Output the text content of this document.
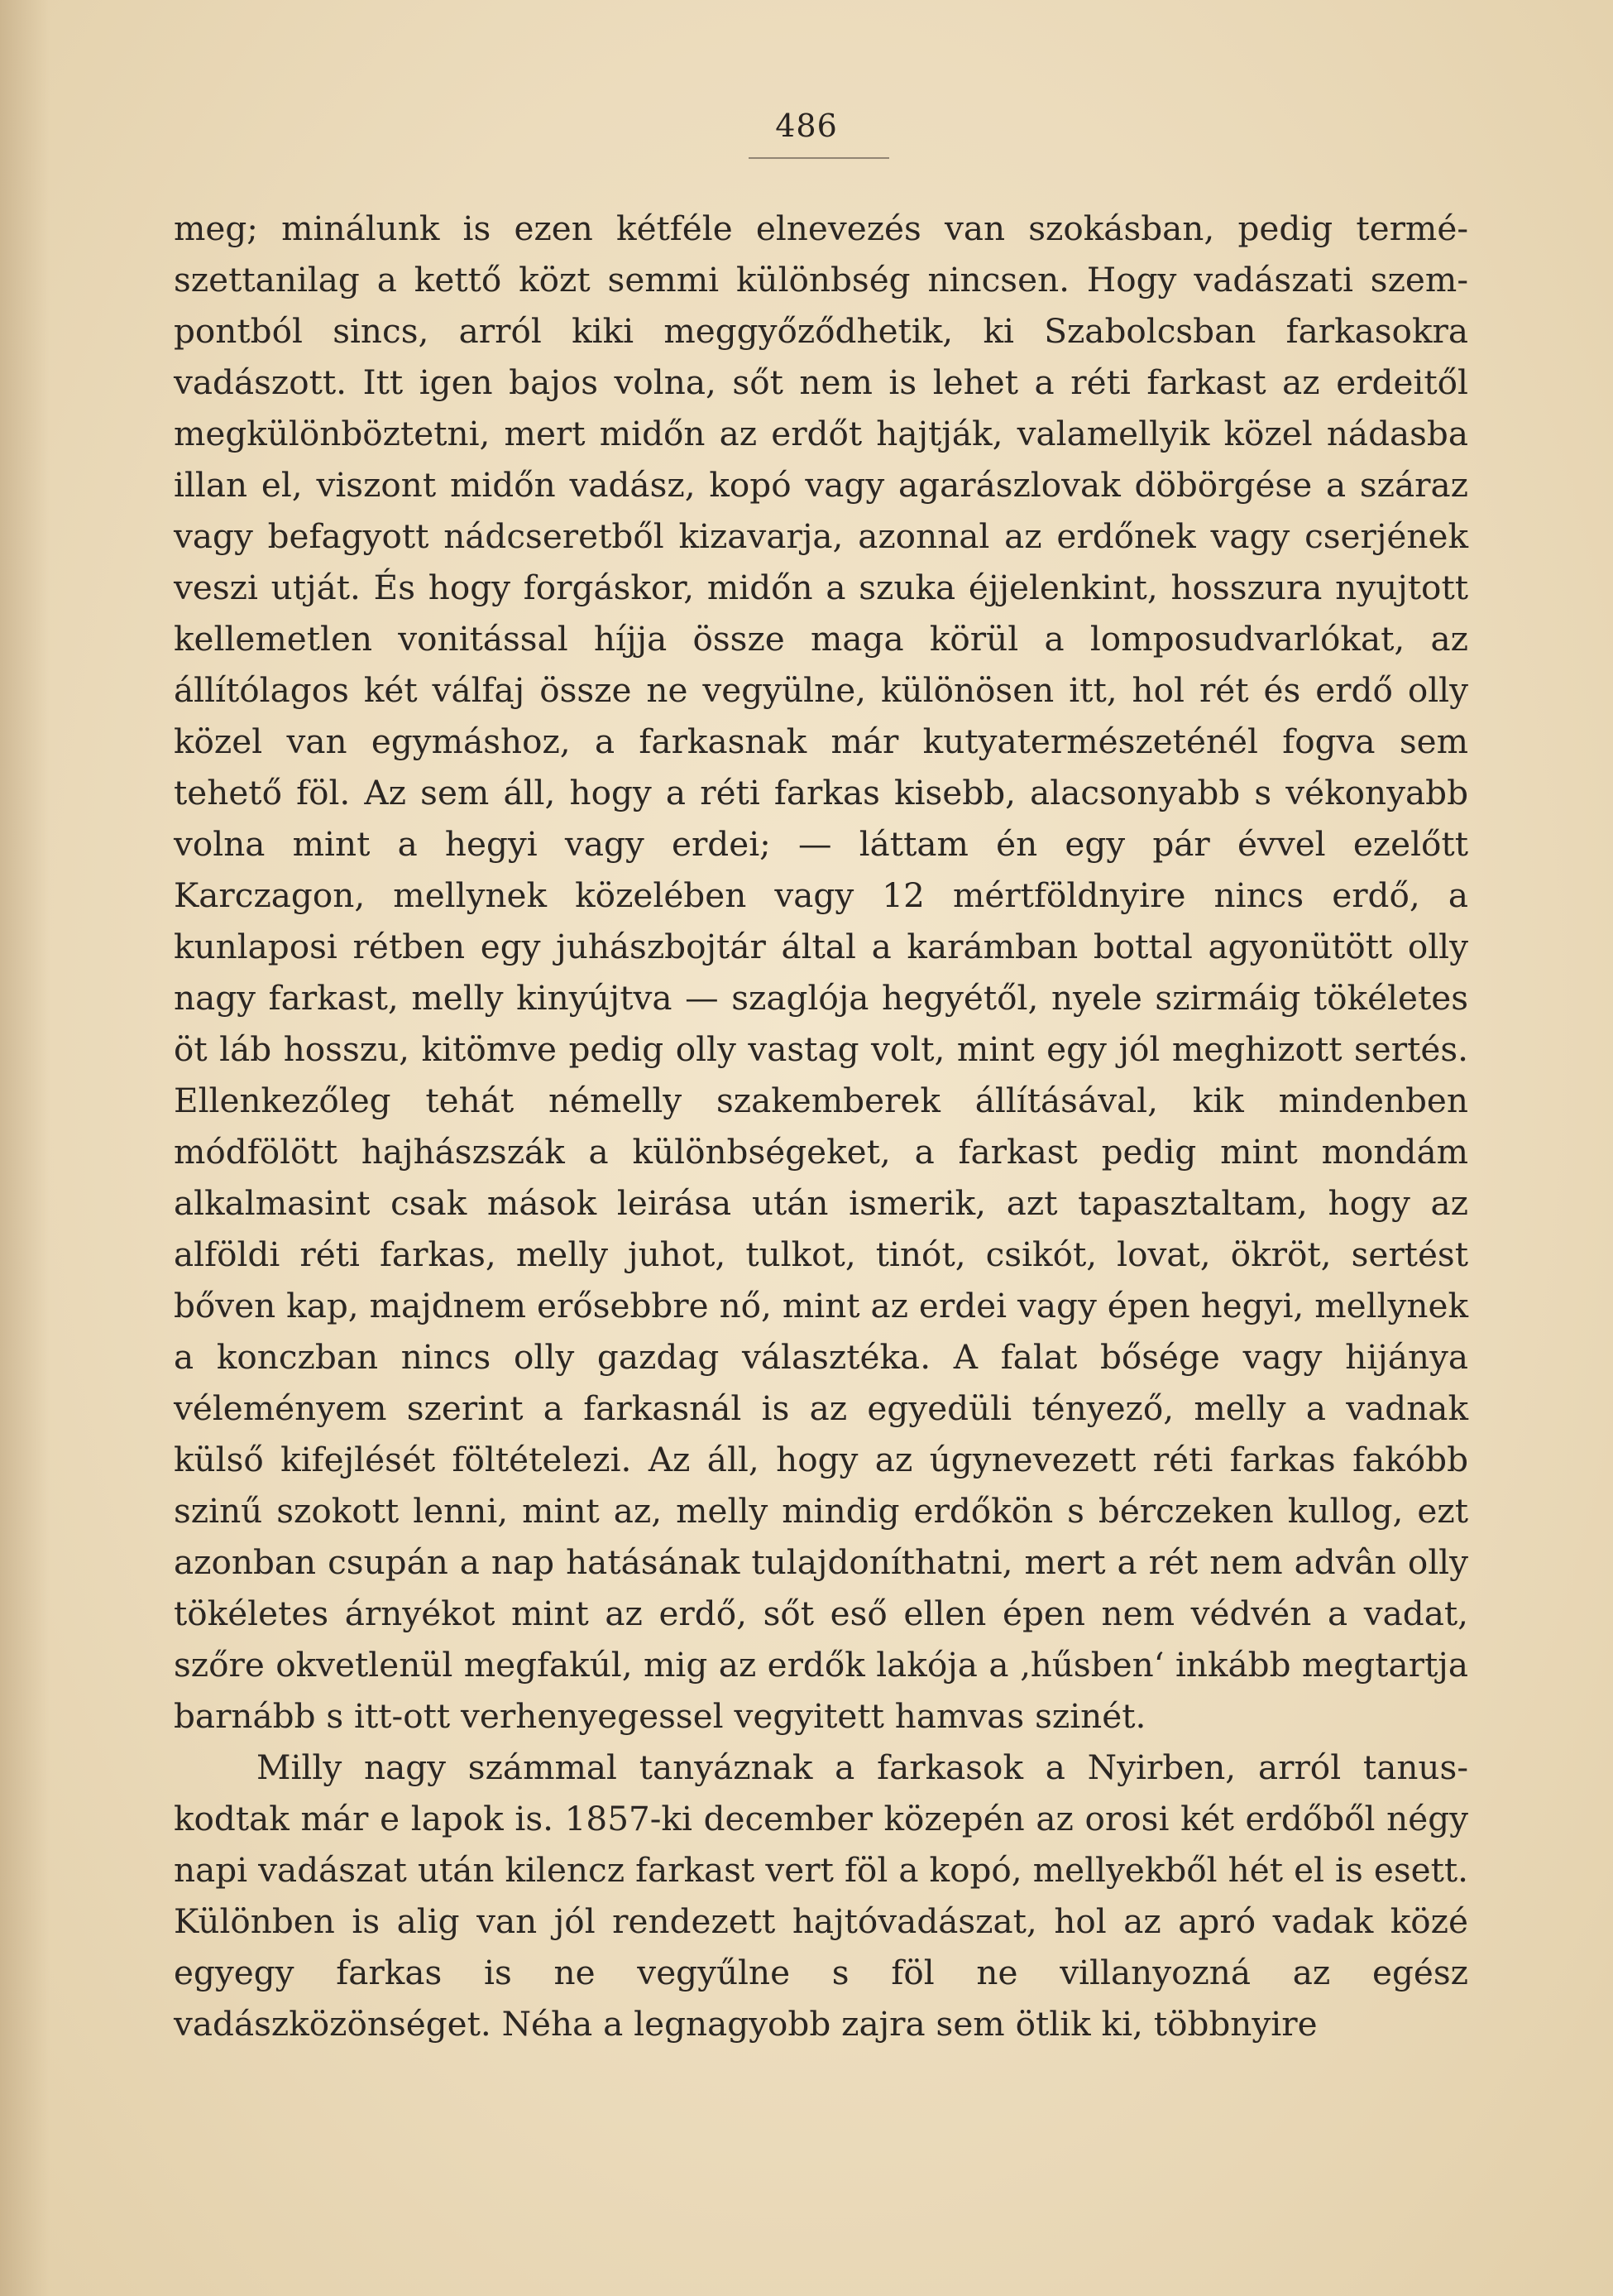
486

meg; minálunk is ezen kétféle elnevezés van szokásban, pedig természettanilag a kettő közt semmi különbség nincsen. Hogy vadászati szempontból sincs, arról kiki meggyőződhetik, ki Szabolcsban farkasokra vadászott. Itt igen bajos volna, sőt nem is lehet a réti farkast az erdeitől megkülönböztetni, mert midőn az erdőt hajtják, valamellyik közel nádasba illan el, viszont midőn vadász, kopó vagy agarászlovak döbörgése a száraz vagy befagyott nádcseretből kizavarja, azonnal az erdőnek vagy cserjének veszi utját. És hogy forgáskor, midőn a szuka éjjelenkint, hosszura nyujtott kellemetlen vonitással híjja össze maga körül a lomposudvarlókat, az állítólagos két válfaj össze ne vegyülne, különösen itt, hol rét és erdő olly közel van egymáshoz, a farkasnak már kutyatermészeténél fogva sem tehető föl. Az sem áll, hogy a réti farkas kisebb, alacsonyabb s vékonyabb volna mint a hegyi vagy erdei; — láttam én egy pár évvel ezelőtt Karczagon, mellynek közelében vagy 12 mértföldnyire nincs erdő, a kunlaposi rétben egy juhászbojtár által a karámban bottal agyonütött olly nagy farkast, melly kinyújtva — szaglója hegyétől, nyele szirmáig tökéletes öt láb hosszu, kitömve pedig olly vastag volt, mint egy jól meghizott sertés. Ellenkezőleg tehát némelly szakemberek állításával, kik mindenben módfölött hajhászszák a különbségeket, a farkast pedig mint mondám alkalmasint csak mások leirása után ismerik, azt tapasztaltam, hogy az alföldi réti farkas, melly juhot, tulkot, tinót, csikót, lovat, ökröt, sertést bőven kap, majdnem erősebbre nő, mint az erdei vagy épen hegyi, mellynek a konczban nincs olly gazdag választéka. A falat bősége vagy hijánya véleményem szerint a farkasnál is az egyedüli tényező, melly a vadnak külső kifejlését föltételezi. Az áll, hogy az úgynevezett réti farkas fakóbb szinű szokott lenni, mint az, melly mindig erdőkön s bérczeken kullog, ezt azonban csupán a nap hatásának tulajdoníthatni, mert a rét nem advân olly tökéletes árnyékot mint az erdő, sőt eső ellen épen nem védvén a vadat, szőre okvetlenül megfakúl, mig az erdők lakója a ‚hűsben‘ inkább megtartja barnább s itt-ott verhenyegessel vegyitett hamvas szinét.

Milly nagy számmal tanyáznak a farkasok a Nyirben, arról tanuskodtak már e lapok is. 1857-ki december közepén az orosi két erdőből négy napi vadászat után kilencz farkast vert föl a kopó, mellyekből hét el is esett. Különben is alig van jól rendezett hajtóvadászat, hol az apró vadak közé egyegy farkas is ne vegyűlne s föl ne villanyozná az egész vadászközönséget. Néha a legnagyobb zajra sem ötlik ki, többnyire
